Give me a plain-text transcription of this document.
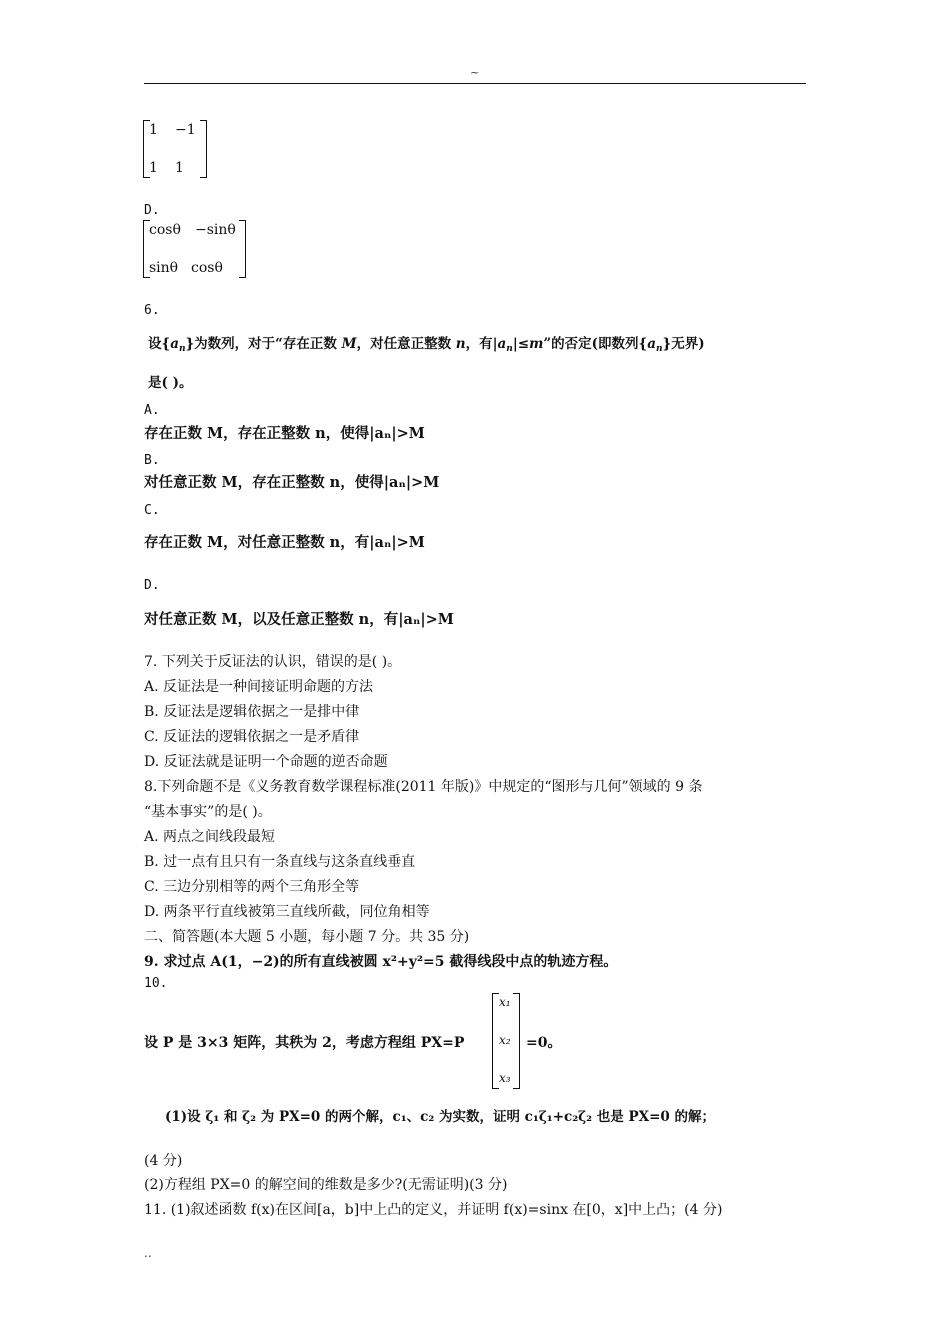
~
1 −1
1 1
D.
cosθ −sinθ
sinθ cosθ
6.
设$\{a_n\}$为数列，对于“存在正数 M，对任意正整数 n，有$|a_n|\le m$”的否定(即数列$\{a_n\}$无界)
是( )。
A.
存在正数 M，存在正整数 n，使得|aₙ|>M
B.
对任意正数 M，存在正整数 n，使得|aₙ|>M
C.
存在正数 M，对任意正整数 n，有|aₙ|>M
D.
对任意正数 M，以及任意正整数 n，有|aₙ|>M
7. 下列关于反证法的认识，错误的是( )。
A. 反证法是一种间接证明命题的方法
B. 反证法是逻辑依据之一是排中律
C. 反证法的逻辑依据之一是矛盾律
D. 反证法就是证明一个命题的逆否命题
8.下列命题不是《义务教育数学课程标准(2011 年版)》中规定的“图形与几何”领域的 9 条
“基本事实”的是( )。
A. 两点之间线段最短
B. 过一点有且只有一条直线与这条直线垂直
C. 三边分别相等的两个三角形全等
D. 两条平行直线被第三直线所截，同位角相等
二、简答题(本大题 5 小题，每小题 7 分。共 35 分)
9. 求过点 A(1，−2)的所有直线被圆 x²+y²=5 截得线段中点的轨迹方程。
10.
设 P 是 3×3 矩阵，其秩为 2，考虑方程组 PX=P
x₁
x₂
x₃
=0。
(1)设 ζ₁ 和 ζ₂ 为 PX=0 的两个解，c₁、c₂ 为实数，证明 c₁ζ₁+c₂ζ₂ 也是 PX=0 的解；
(4 分)
(2)方程组 PX=0 的解空间的维数是多少?(无需证明)(3 分)
11. (1)叙述函数 f(x)在区间[a，b]中上凸的定义，并证明 f(x)=sinx 在[0，x]中上凸；(4 分)
..
